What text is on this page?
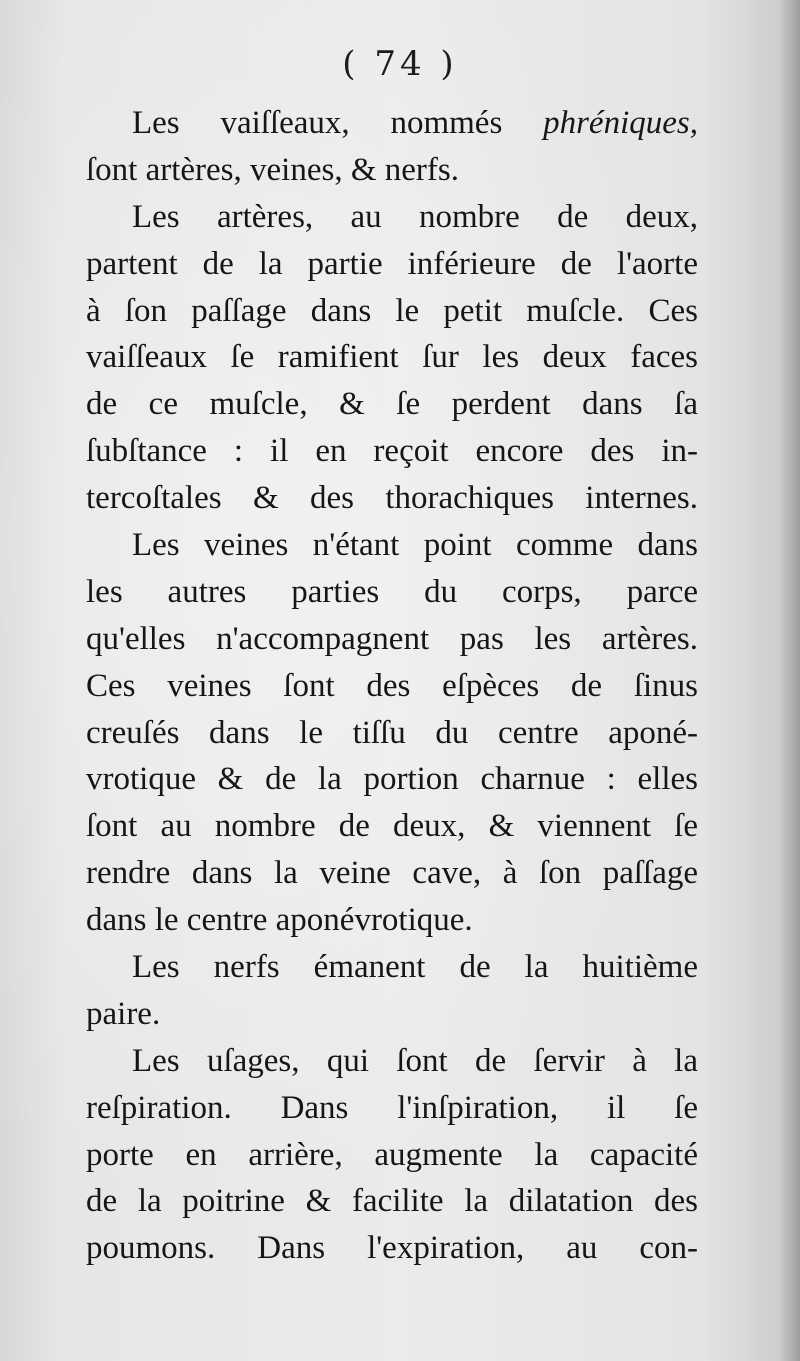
( 74 )
Les vaiſſeaux, nommés phréniques,
ſont artères, veines, & nerfs.
Les artères, au nombre de deux,
partent de la partie inférieure de l'aorte
à ſon paſſage dans le petit muſcle. Ces
vaiſſeaux ſe ramifient ſur les deux faces
de ce muſcle, & ſe perdent dans ſa
ſubſtance : il en reçoit encore des in-
tercoſtales & des thorachiques internes.
Les veines n'étant point comme dans
les autres parties du corps, parce
qu'elles n'accompagnent pas les artères.
Ces veines ſont des eſpèces de ſinus
creuſés dans le tiſſu du centre aponé-
vrotique & de la portion charnue : elles
ſont au nombre de deux, & viennent ſe
rendre dans la veine cave, à ſon paſſage
dans le centre aponévrotique.
Les nerfs émanent de la huitième
paire.
Les uſages, qui ſont de ſervir à la
reſpiration. Dans l'inſpiration, il ſe
porte en arrière, augmente la capacité
de la poitrine & facilite la dilatation des
poumons. Dans l'expiration, au con-
